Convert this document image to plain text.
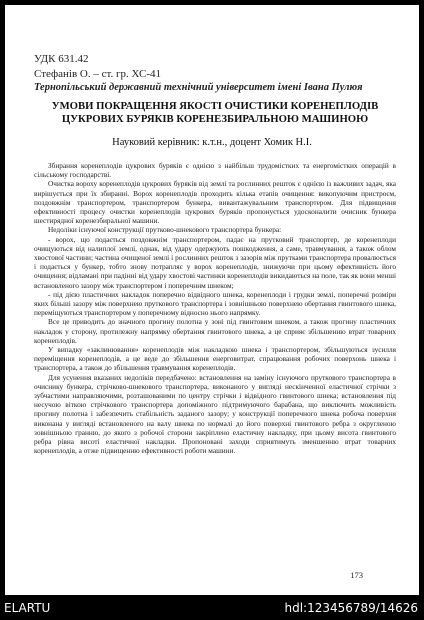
УДК 631.42

Стефанів О. – ст. гр. ХС-41

Тернопільський державний технічний університет імені Івана Пулюя

УМОВИ ПОКРАЩЕННЯ ЯКОСТІ ОЧИСТИКИ КОРЕНЕПЛОДІВ ЦУКРОВИХ БУРЯКІВ КОРЕНЕЗБИРАЛЬНОЮ МАШИНОЮ

Науковий керівник: к.т.н., доцент Хомик Н.І.

Збирання коренеплодів цукрових буряків є однією з найбільш трудомістких та енергомістких операцій в сільському господарстві.

Очистка вороху коренеплодів цукрових буряків від землі та рослинних решток є однією із важливих задач, яка вирішується при їх збиранні. Ворох коренеплодів проходить кілька етапів очищення: викопуючим пристроєм, поздовжнім транспортером, транспортером бункера, вивантажувальним транспортером. Для підвищення ефективності процесу очистки коренеплодів цукрових буряків пропонується удосконалити очисник бункера шестирядної коренезбиральної машини.

Недоліки існуючої конструкції прутково-шнекового транспортера бункера:

- ворох, що подається поздовжнім транспортером, падає на прутковий транспортер, де коренеплоди очищуються від налиплої землі, однак, від удару одержують пошкодження, а саме, травмування, а також облом хвостової частини; частина очищеної землі і рослинних решток з зазорів між прутками транспортера провалюється і подається у бункер, тобто знову потрапляє у ворох коренеплодів, знижуючи при цьому ефективність його очищення; відламані при падінні від удару хвостові частинки коренеплодів викидаються на поле, так як вони менші встановленого зазору між транспортером і поперечним шнеком;

- під дією пластичних накладок поперечно відвідного шнека, коренеплоди і грудки землі, поперечні розміри яких більші зазору між поверхнею пруткового транспортера і зовнішньою поверхнею обертання гвинтового шнека, переміщуються транспортером у поперечному відносно нього напрямку.

Все це приводить до значного прогину полотна у зоні під гвинтовим шнеком, а також прогину пластичних накладок у сторону, протилежну напрямку обертання гвинтового шнека, а це сприяє збільшенню втрат товарних коренеплодів.

У випадку «заклинювання» коренеплодів між накладкою шнека і транспортером, збільшуються зусилля переміщення коренеплодів, а це веде до збільшення енерговитрат, спрацювання робочих поверхонь шнека і транспортера, а також до збільшення травмування коренеплодів.

Для усунення вказаних недоліків передбачено: встановлення на заміну існуючого пруткового транспортера в очиснику бункера, стрічково-шнекового транспортера, виконаного у вигляді нескінченної еластичної стрічки з зубчастими направляючими, розташованими по центру стрічки і відвідного гвинтового шнека; встановлення під несучою віткою стрічкового транспортера допоміжного підтримуючого барабана, що виключить можливість прогину полотна і забезпечить стабільність заданого зазору; у конструкції поперечного шнека робоча поверхня виконана у вигляді встановленого на валу шнека по нормалі до його поверхні гвинтового ребра з округленою зовнішньою гранню, до якого з робочої сторони закріплено еластичну накладку, при цьому висота гвинтового ребра рівна висоті еластичної накладки. Пропоновані заходи сприятимуть зменшенню втрат товарних коренеплодів, а отже підвищенню ефективності роботи машини.

173

ELARTU	hdl:123456789/14626
